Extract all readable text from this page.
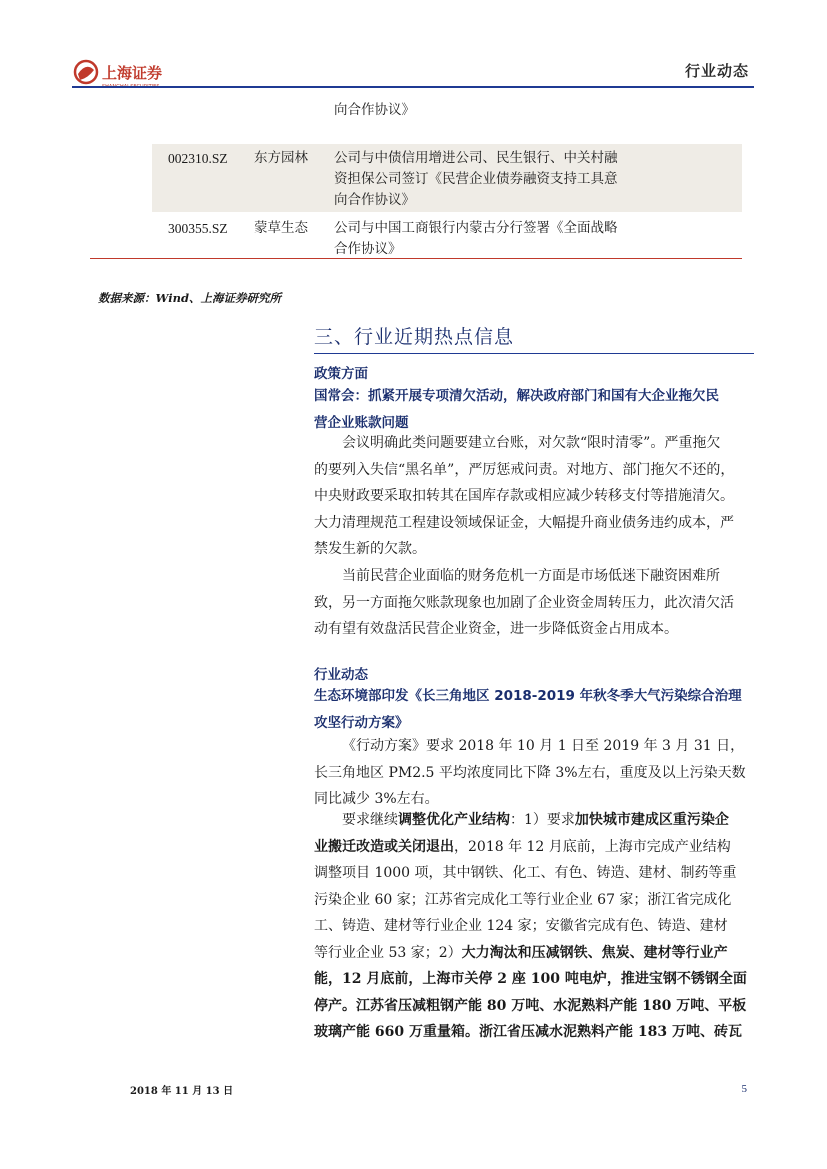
上海证券	行业动态

向合作协议》

002310.SZ	东方园林	公司与中债信用增进公司、民生银行、中关村融

资担保公司签订《民营企业债券融资支持工具意

向合作协议》

300355.SZ	蒙草生态	公司与中国工商银行内蒙古分行签署《全面战略

合作协议》

数据来源：Wind、上海证券研究所
三、行业近期热点信息
政策方面
国常会：抓紧开展专项清欠活动，解决政府部门和国有大企业拖欠民
营企业账款问题
会议明确此类问题要建立台账，对欠款“限时清零”。严重拖欠
的要列入失信“黑名单”，严厉惩戒问责。对地方、部门拖欠不还的，
中央财政要采取扣转其在国库存款或相应减少转移支付等措施清欠。
大力清理规范工程建设领域保证金，大幅提升商业债务违约成本，严
禁发生新的欠款。
当前民营企业面临的财务危机一方面是市场低迷下融资困难所
致，另一方面拖欠账款现象也加剧了企业资金周转压力，此次清欠活
动有望有效盘活民营企业资金，进一步降低资金占用成本。
行业动态
生态环境部印发《长三角地区 2018-2019 年秋冬季大气污染综合治理
攻坚行动方案》
《行动方案》要求 2018 年 10 月 1 日至 2019 年 3 月 31 日，
长三角地区 PM2.5 平均浓度同比下降 3%左右，重度及以上污染天数
同比减少 3%左右。
要求继续调整优化产业结构：1）要求加快城市建成区重污染企
业搬迁改造或关闭退出，2018 年 12 月底前，上海市完成产业结构
调整项目 1000 项，其中钢铁、化工、有色、铸造、建材、制药等重
污染企业 60 家；江苏省完成化工等行业企业 67 家；浙江省完成化
工、铸造、建材等行业企业 124 家；安徽省完成有色、铸造、建材
等行业企业 53 家；2）大力淘汰和压减钢铁、焦炭、建材等行业产
能，12 月底前，上海市关停 2 座 100 吨电炉，推进宝钢不锈钢全面
停产。江苏省压减粗钢产能 80 万吨、水泥熟料产能 180 万吨、平板
玻璃产能 660 万重量箱。浙江省压减水泥熟料产能 183 万吨、砖瓦
2018 年 11 月 13 日	5
